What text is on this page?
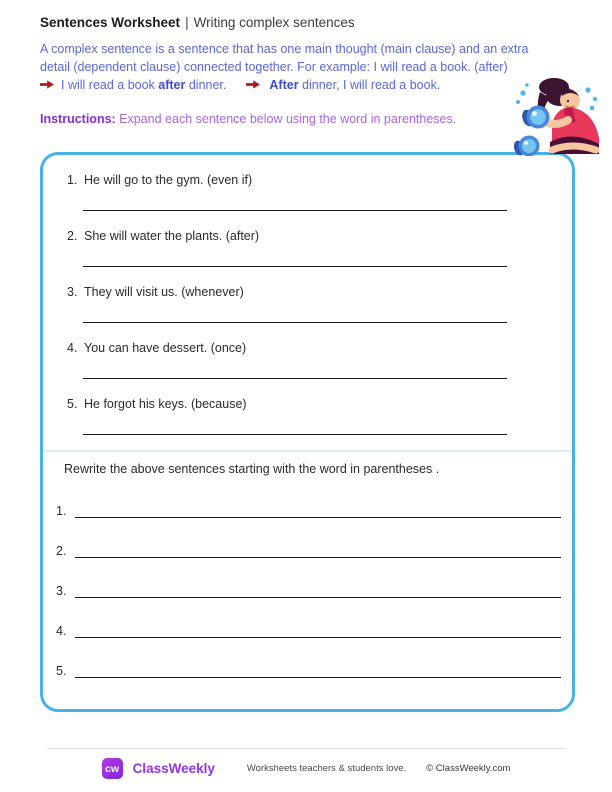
Sentences Worksheet | Writing complex sentences
A complex sentence is a sentence that has one main thought (main clause) and an extra
detail (dependent clause) connected together. For example: I will read a book. (after)
I will read a book after dinner.	After dinner, I will read a book.
Instructions: Expand each sentence below using the word in parentheses.
1. He will go to the gym. (even if)
2. She will water the plants. (after)
3. They will visit us. (whenever)
4. You can have dessert. (once)
5. He forgot his keys. (because)
Rewrite the above sentences starting with the word in parentheses .
1.
2.
3.
4.
5.
cw ClassWeekly	Worksheets teachers & students love. © ClassWeekly.com
